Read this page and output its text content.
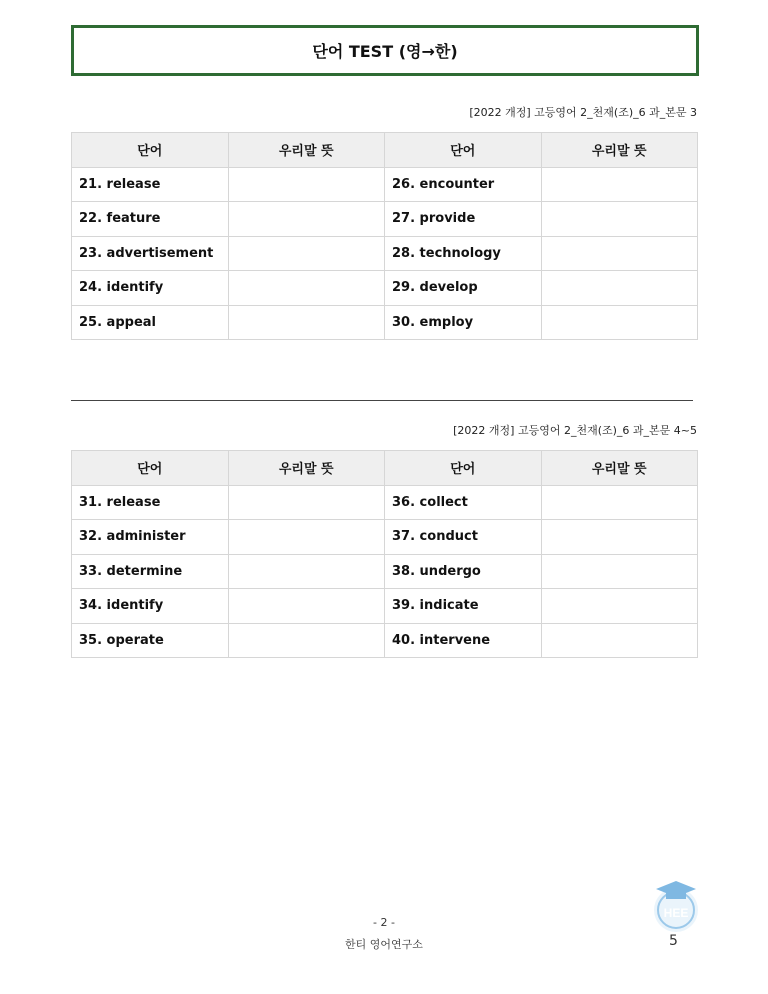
단어 TEST (영→한)
[2022 개정] 고등영어 2_천재(조)_6 과_본문 3
단어	우리말 뜻	단어	우리말 뜻
21. release		26. encounter	
22. feature		27. provide	
23. advertisement		28. technology	
24. identify		29. develop	
25. appeal		30. employ	
[2022 개정] 고등영어 2_천재(조)_6 과_본문 4~5
단어	우리말 뜻	단어	우리말 뜻
31. release		36. collect	
32. administer		37. conduct	
33. determine		38. undergo	
34. identify		39. indicate	
35. operate		40. intervene	
- 2 -
한티 영어연구소
HEE
5
